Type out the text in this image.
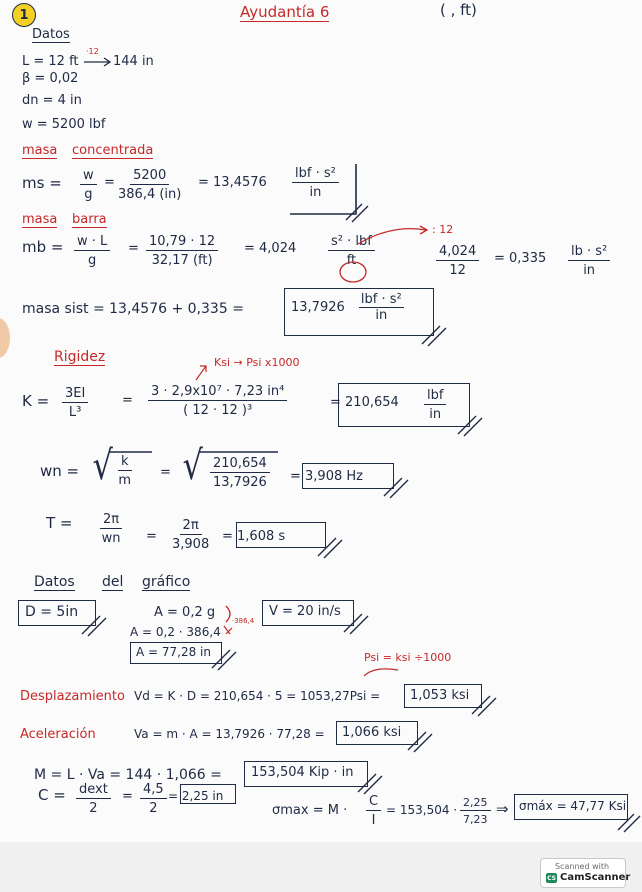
1	Ayudantía 6	( , ft)
Datos
L = 12 ft
·12
144 in
β = 0,02
dn = 4 in
w = 5200 lbf
masa concentrada
ms = $\frac{w}{g} = \frac{5200}{386,4 (in)} = 13,4576$
lbf · s²
in
masa barra
: 12
mb = $\frac{w \cdot L}{g} = \frac{10,79 \cdot 12}{32,17 (ft)} = 4,024$	s² · lbf
ft	$\frac{4,024}{12} = 0,335 \frac{\text{lb · s²}}{in}$
masa sist = 13,4576 + 0,335 =	13,7926
lbf · s²
in
Rigidez	Ksi → Psi x1000
$K = \frac{3EI}{\text{L³}}$	= $\frac{\text{3 · 2,9x10⁷ · 7,23 in⁴}}{\text{( 12 · 12 )³}}$	= 210,654 lbf
in
wn = √ $\frac{k}{m}$ = √ $\frac{210,654}{13,7926} = 3,908$ Hz
$T = \frac{2\pi}{wn} = \frac{2\pi}{3,908} = 1,608$ s
Datos del gráfico
D = 5in	A = 0,2 g
·386,4
A = 0,2 · 386,4
A = 77,28 in
V = 20 in/s
Psi = ksi ÷1000
Desplazamiento Vd = K · D = 210,654 · 5 = 1053,27Psi =	1,053 ksi
Aceleración	Va = m · A = 13,7926 · 77,28 =	1,066 ksi
M = L · Va = 144 · 1,066 =	153,504 Kip · in
C = dext
2
= $\frac{4,5}{2} = 2,25$ in
$\sigma\max = M \cdot \frac{C}{I} = 153,504 \cdot \frac{2,25}{7,23}$ ⇒ σmáx = 47,77 Ksi
Scanned with
CS CamScanner
